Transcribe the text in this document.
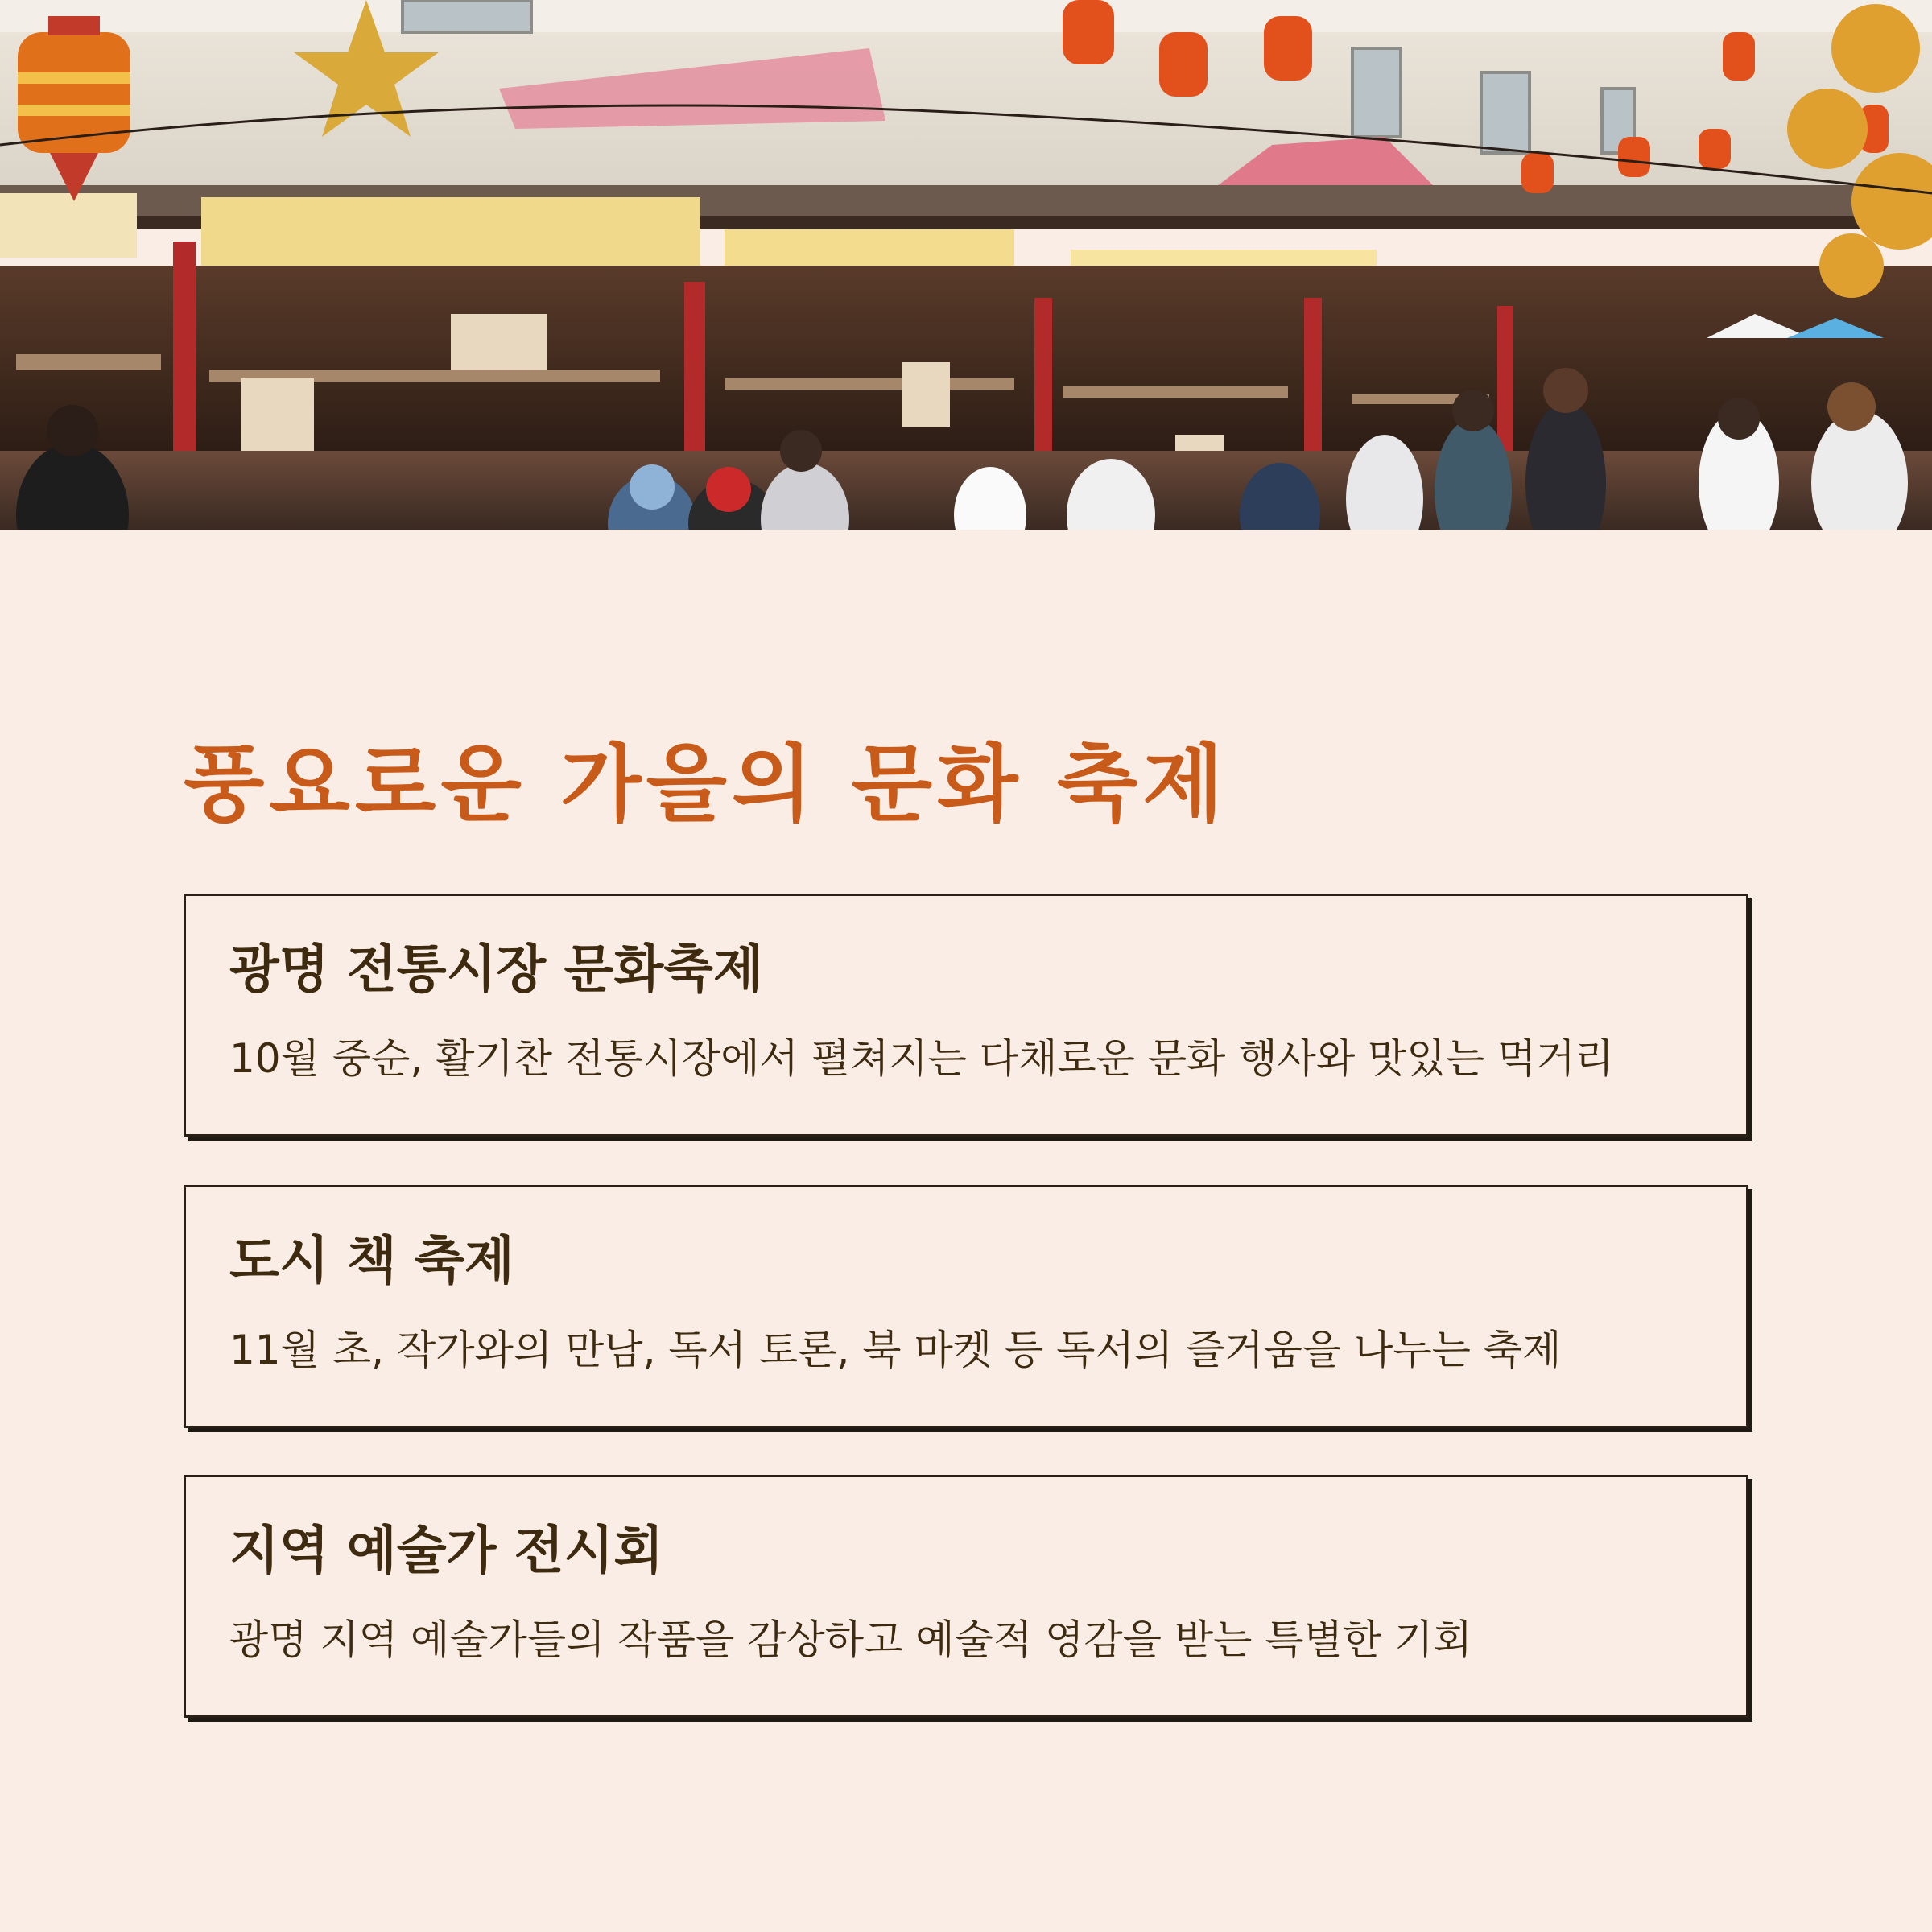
풍요로운 가을의 문화 축제
광명 전통시장 문화축제

10월 중순, 활기찬 전통시장에서 펼쳐지는 다채로운 문화 행사와 맛있는 먹거리

도시 책 축제

11월 초, 작가와의 만남, 독서 토론, 북 마켓 등 독서의 즐거움을 나누는 축제

지역 예술가 전시회

광명 지역 예술가들의 작품을 감상하고 예술적 영감을 받는 특별한 기회
